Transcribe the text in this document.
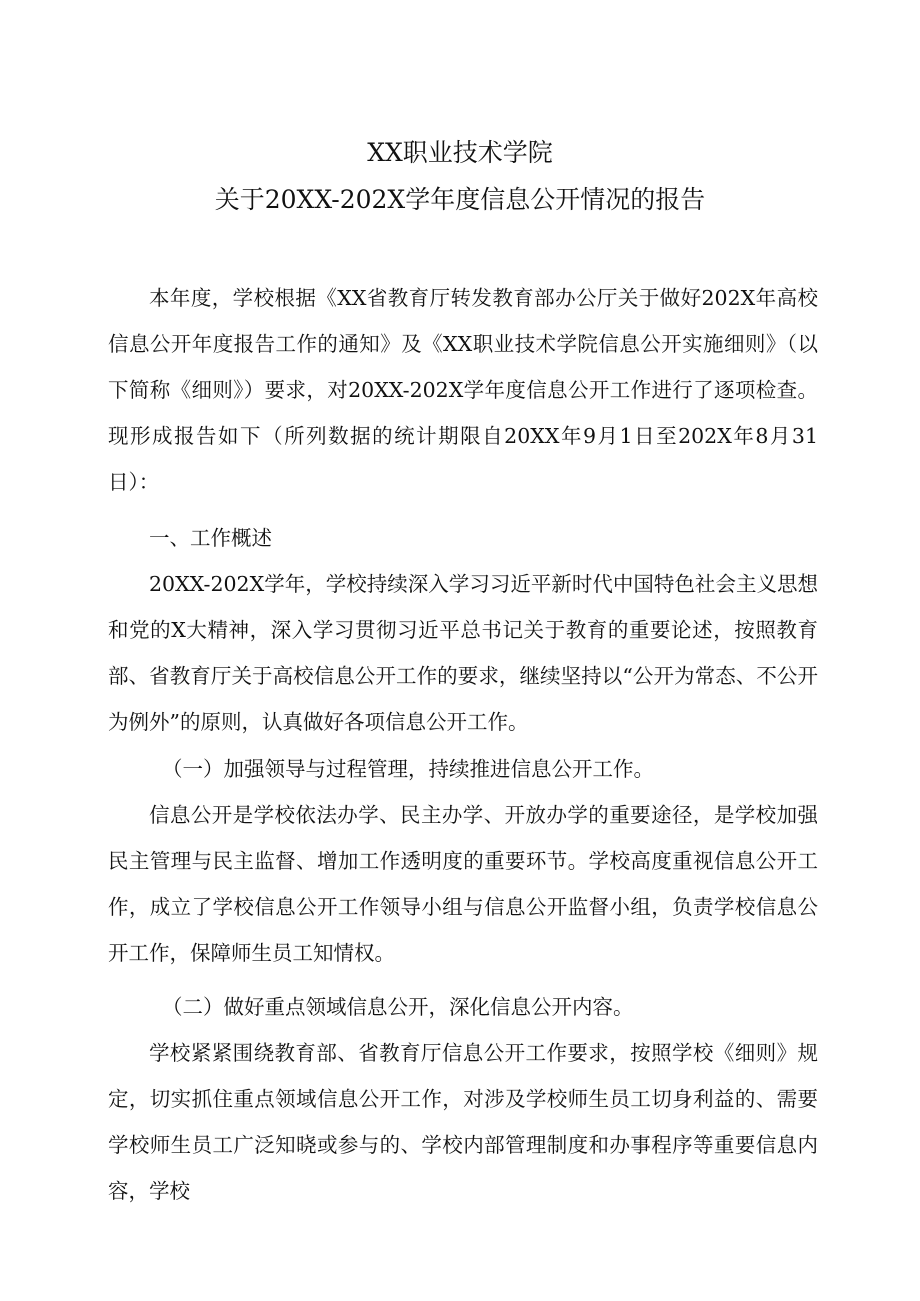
XX职业技术学院
关于20XX-202X学年度信息公开情况的报告

本年度，学校根据《XX省教育厅转发教育部办公厅关于做好202X年高校信息公开年度报告工作的通知》及《XX职业技术学院信息公开实施细则》（以下简称《细则》）要求，对20XX-202X学年度信息公开工作进行了逐项检查。现形成报告如下（所列数据的统计期限自20XX年9月1日至202X年8月31日）：

一、工作概述

20XX-202X学年，学校持续深入学习习近平新时代中国特色社会主义思想和党的X大精神，深入学习贯彻习近平总书记关于教育的重要论述，按照教育部、省教育厅关于高校信息公开工作的要求，继续坚持以“公开为常态、不公开为例外”的原则，认真做好各项信息公开工作。

（一）加强领导与过程管理，持续推进信息公开工作。

信息公开是学校依法办学、民主办学、开放办学的重要途径，是学校加强民主管理与民主监督、增加工作透明度的重要环节。学校高度重视信息公开工作，成立了学校信息公开工作领导小组与信息公开监督小组，负责学校信息公开工作，保障师生员工知情权。

（二）做好重点领域信息公开，深化信息公开内容。

学校紧紧围绕教育部、省教育厅信息公开工作要求，按照学校《细则》规定，切实抓住重点领域信息公开工作，对涉及学校师生员工切身利益的、需要学校师生员工广泛知晓或参与的、学校内部管理制度和办事程序等重要信息内容，学校
